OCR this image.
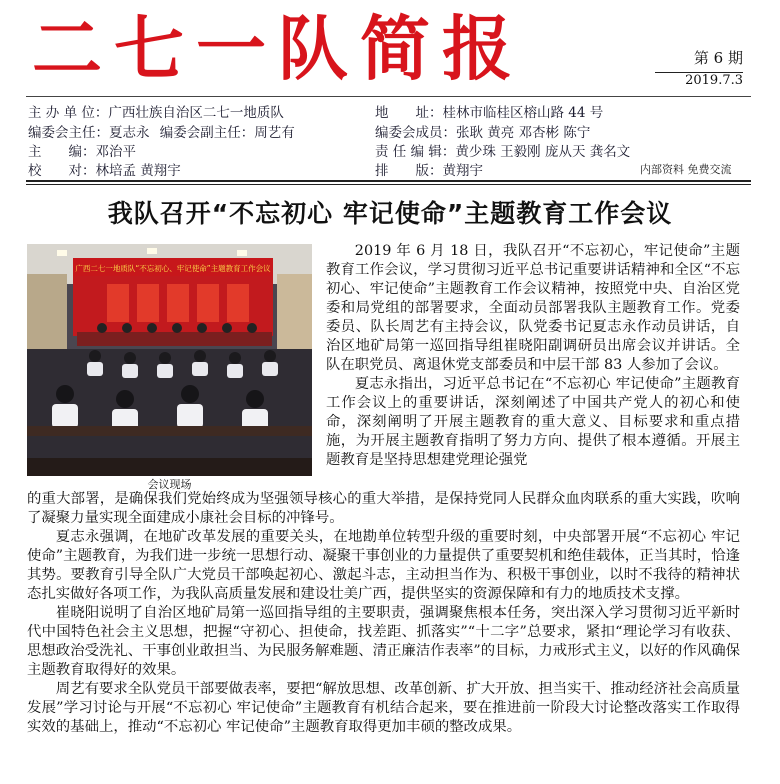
二七一队简报	第 6 期
2019.7.3
主 办 单 位：广西壮族自治区二七一地质队	地　　址：桂林市临桂区榕山路 44 号
编委会主任：夏志永 编委会副主任：周艺有	编委会成员：张耿 黄亮 邓杏彬 陈宁
主　　编：邓治平	责 任 编 辑：黄少珠 王毅刚 庞从天 龚名文
校　　对：林培孟 黄翔宇	排　　版：黄翔宇	内部资料 免费交流
我队召开“不忘初心 牢记使命”主题教育工作会议
广西二七一地质队“不忘初心、牢记使命”主题教育工作会议
会议现场

2019 年 6 月 18 日，我队召开“不忘初心，牢记使命”主题教育工作会议，学习贯彻习近平总书记重要讲话精神和全区“不忘初心、牢记使命”主题教育工作会议精神，按照党中央、自治区党委和局党组的部署要求，全面动员部署我队主题教育工作。党委委员、队长周艺有主持会议，队党委书记夏志永作动员讲话，自治区地矿局第一巡回指导组崔晓阳副调研员出席会议并讲话。全队在职党员、离退休党支部委员和中层干部 83 人参加了会议。

夏志永指出，习近平总书记在“不忘初心 牢记使命”主题教育工作会议上的重要讲话，深刻阐述了中国共产党人的初心和使命，深刻阐明了开展主题教育的重大意义、目标要求和重点措施，为开展主题教育指明了努力方向、提供了根本遵循。开展主题教育是坚持思想建党理论强党

的重大部署，是确保我们党始终成为坚强领导核心的重大举措，是保持党同人民群众血肉联系的重大实践，吹响了凝聚力量实现全面建成小康社会目标的冲锋号。

夏志永强调，在地矿改革发展的重要关头，在地勘单位转型升级的重要时刻，中央部署开展“不忘初心 牢记使命”主题教育，为我们进一步统一思想行动、凝聚干事创业的力量提供了重要契机和绝佳载体，正当其时，恰逢其势。要教育引导全队广大党员干部唤起初心、激起斗志，主动担当作为、积极干事创业，以时不我待的精神状态扎实做好各项工作，为我队高质量发展和建设壮美广西，提供坚实的资源保障和有力的地质技术支撑。

崔晓阳说明了自治区地矿局第一巡回指导组的主要职责，强调聚焦根本任务，突出深入学习贯彻习近平新时代中国特色社会主义思想，把握“守初心、担使命，找差距、抓落实”“十二字”总要求，紧扣“理论学习有收获、思想政治受洗礼、干事创业敢担当、为民服务解难题、清正廉洁作表率”的目标，力戒形式主义，以好的作风确保主题教育取得好的效果。

周艺有要求全队党员干部要做表率，要把“解放思想、改革创新、扩大开放、担当实干、推动经济社会高质量发展”学习讨论与开展“不忘初心 牢记使命”主题教育有机结合起来，要在推进前一阶段大讨论整改落实工作取得实效的基础上，推动“不忘初心 牢记使命”主题教育取得更加丰硕的整改成果。
